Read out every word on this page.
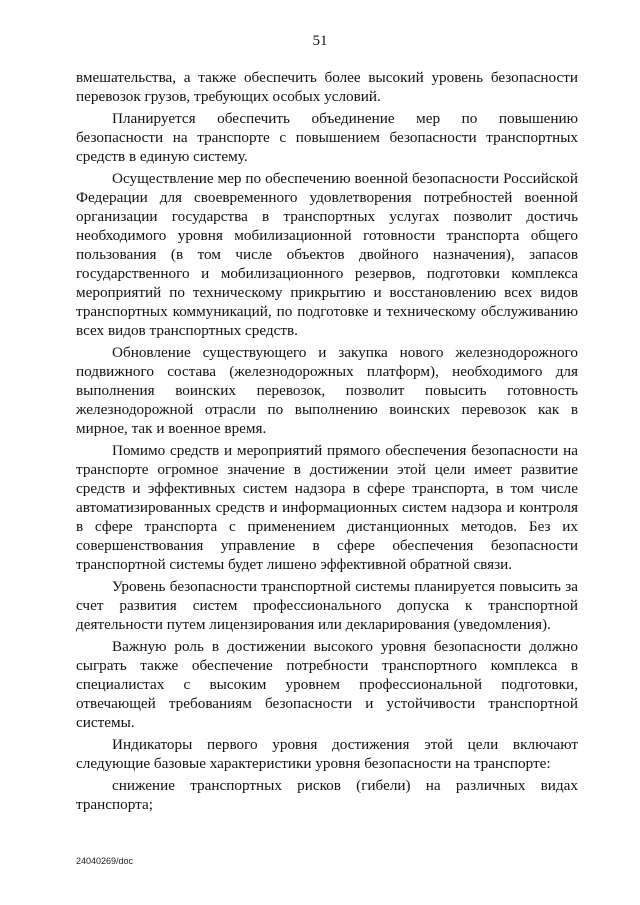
51

вмешательства, а также обеспечить более высокий уровень безопасности перевозок грузов, требующих особых условий.

Планируется обеспечить объединение мер по повышению безопасности на транспорте с повышением безопасности транспортных средств в единую систему.

Осуществление мер по обеспечению военной безопасности Российской Федерации для своевременного удовлетворения потребностей военной организации государства в транспортных услугах позволит достичь необходимого уровня мобилизационной готовности транспорта общего пользования (в том числе объектов двойного назначения), запасов государственного и мобилизационного резервов, подготовки комплекса мероприятий по техническому прикрытию и восстановлению всех видов транспортных коммуникаций, по подготовке и техническому обслуживанию всех видов транспортных средств.

Обновление существующего и закупка нового железнодорожного подвижного состава (железнодорожных платформ), необходимого для выполнения воинских перевозок, позволит повысить готовность железнодорожной отрасли по выполнению воинских перевозок как в мирное, так и военное время.

Помимо средств и мероприятий прямого обеспечения безопасности на транспорте огромное значение в достижении этой цели имеет развитие средств и эффективных систем надзора в сфере транспорта, в том числе автоматизированных средств и информационных систем надзора и контроля в сфере транспорта с применением дистанционных методов. Без их совершенствования управление в сфере обеспечения безопасности транспортной системы будет лишено эффективной обратной связи.

Уровень безопасности транспортной системы планируется повысить за счет развития систем профессионального допуска к транспортной деятельности путем лицензирования или декларирования (уведомления).

Важную роль в достижении высокого уровня безопасности должно сыграть также обеспечение потребности транспортного комплекса в специалистах с высоким уровнем профессиональной подготовки, отвечающей требованиям безопасности и устойчивости транспортной системы.

Индикаторы первого уровня достижения этой цели включают следующие базовые характеристики уровня безопасности на транспорте:

снижение транспортных рисков (гибели) на различных видах транспорта;

24040269/doc
